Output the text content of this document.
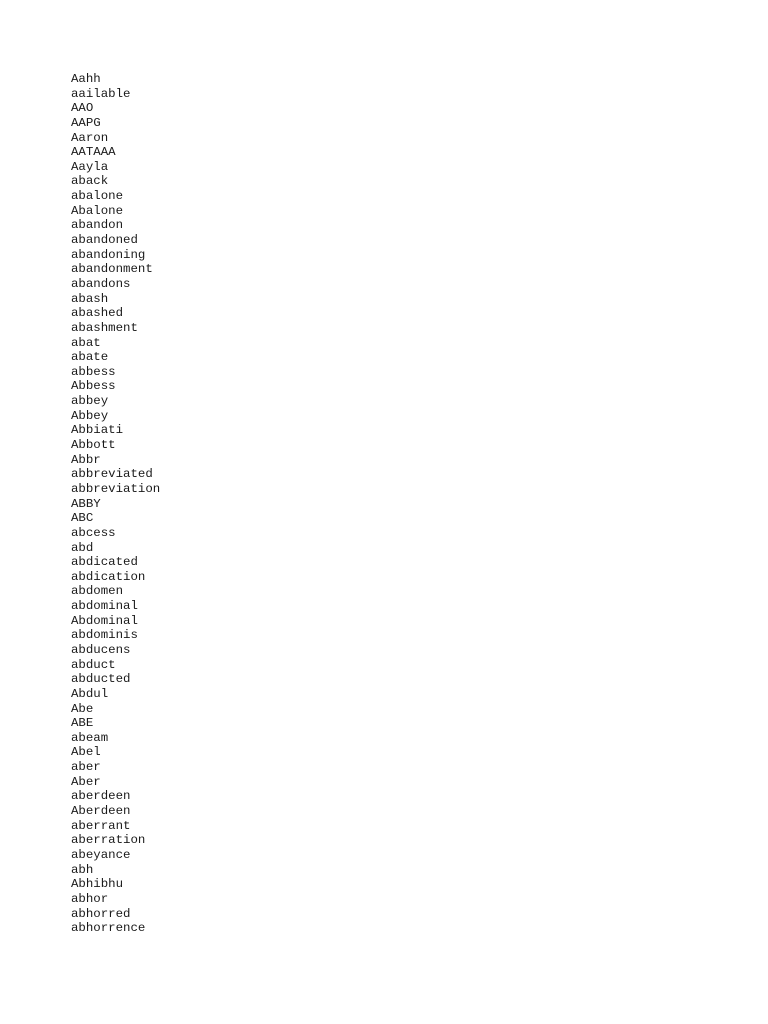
Aahh
aailable
AAO
AAPG
Aaron
AATAAA
Aayla
aback
abalone
Abalone
abandon
abandoned
abandoning
abandonment
abandons
abash
abashed
abashment
abat
abate
abbess
Abbess
abbey
Abbey
Abbiati
Abbott
Abbr
abbreviated
abbreviation
ABBY
ABC
abcess
abd
abdicated
abdication
abdomen
abdominal
Abdominal
abdominis
abducens
abduct
abducted
Abdul
Abe
ABE
abeam
Abel
aber
Aber
aberdeen
Aberdeen
aberrant
aberration
abeyance
abh
Abhibhu
abhor
abhorred
abhorrence
